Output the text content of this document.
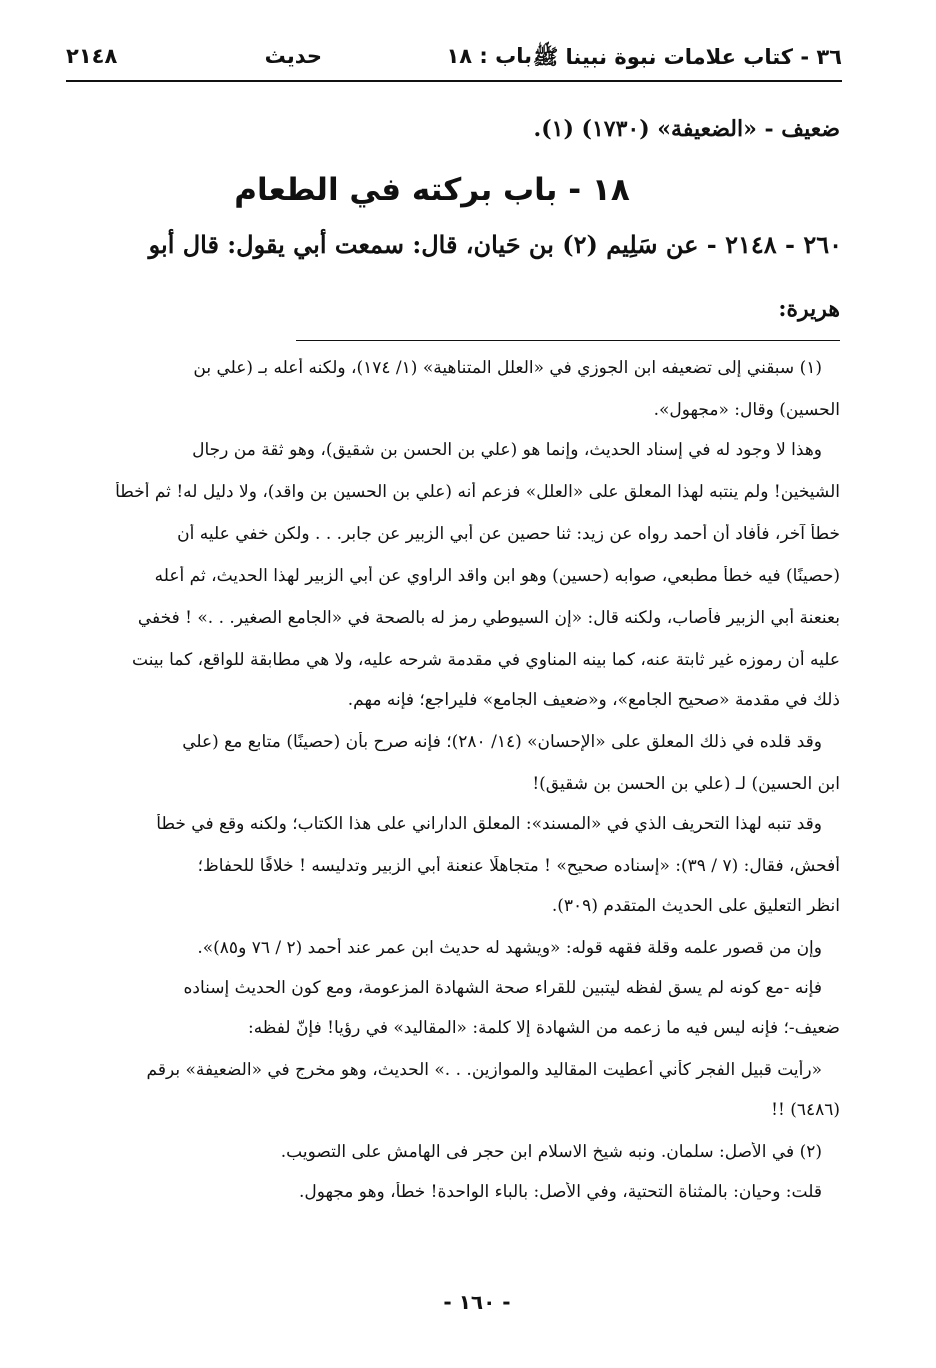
٣٦ - كتاب علامات نبوة نبينا ﷺ
باب : ١٨
حديث
٢١٤٨
ضعيف - «الضعيفة» (١٧٣٠) (١).
١٨ - باب بركته في الطعام
٢٦٠ - ٢١٤٨ - عن سَلِيم (٢) بن حَيان، قال: سمعت أبي يقول: قال أبو
هريرة:
(١) سبقني إلى تضعيفه ابن الجوزي في «العلل المتناهية» (١/ ١٧٤)، ولكنه أعله بـ (علي بن
الحسين) وقال: «مجهول».
وهذا لا وجود له في إسناد الحديث، وإنما هو (علي بن الحسن بن شقيق)، وهو ثقة من رجال
الشيخين! ولم ينتبه لهذا المعلق على «العلل» فزعم أنه (علي بن الحسين بن واقد)، ولا دليل له! ثم أخطأ
خطأً آخر، فأفاد أن أحمد رواه عن زيد: ثنا حصين عن أبي الزبير عن جابر. . . ولكن خفي عليه أن
(حصينًا) فيه خطأ مطبعي، صوابه (حسين) وهو ابن واقد الراوي عن أبي الزبير لهذا الحديث، ثم أعله
بعنعنة أبي الزبير فأصاب، ولكنه قال: «إن السيوطي رمز له بالصحة في «الجامع الصغير. . .» ! فخفي
عليه أن رموزه غير ثابتة عنه، كما بينه المناوي في مقدمة شرحه عليه، ولا هي مطابقة للواقع، كما بينت
ذلك في مقدمة «صحيح الجامع»، و«ضعيف الجامع» فليراجع؛ فإنه مهم.
وقد قلده في ذلك المعلق على «الإحسان» (١٤/ ٢٨٠)؛ فإنه صرح بأن (حصينًا) متابع مع (علي
ابن الحسين) لـ (علي بن الحسن بن شقيق)!
وقد تنبه لهذا التحريف الذي في «المسند»: المعلق الداراني على هذا الكتاب؛ ولكنه وقع في خطأ
أفحش، فقال: (٧ / ٣٩): «إسناده صحيح» ! متجاهلًا عنعنة أبي الزبير وتدليسه ! خلافًا للحفاظ؛
انظر التعليق على الحديث المتقدم (٣٠٩).
وإن من قصور علمه وقلة فقهه قوله: «ويشهد له حديث ابن عمر عند أحمد (٢ / ٧٦ و٨٥)».
فإنه -مع كونه لم يسق لفظه ليتبين للقراء صحة الشهادة المزعومة، ومع كون الحديث إسناده
ضعيف-؛ فإنه ليس فيه ما زعمه من الشهادة إلا كلمة: «المقاليد» في رؤيا! فإنّ لفظه:
«رأيت قبيل الفجر كأني أعطيت المقاليد والموازين. . .» الحديث، وهو مخرج في «الضعيفة» برقم
(٦٤٨٦) !!
(٢) في الأصل: سلمان. ونبه شيخ الاسلام ابن حجر فى الهامش على التصويب.
قلت: وحيان: بالمثناة التحتية، وفي الأصل: بالباء الواحدة! خطأ، وهو مجهول.
- ١٦٠ -
